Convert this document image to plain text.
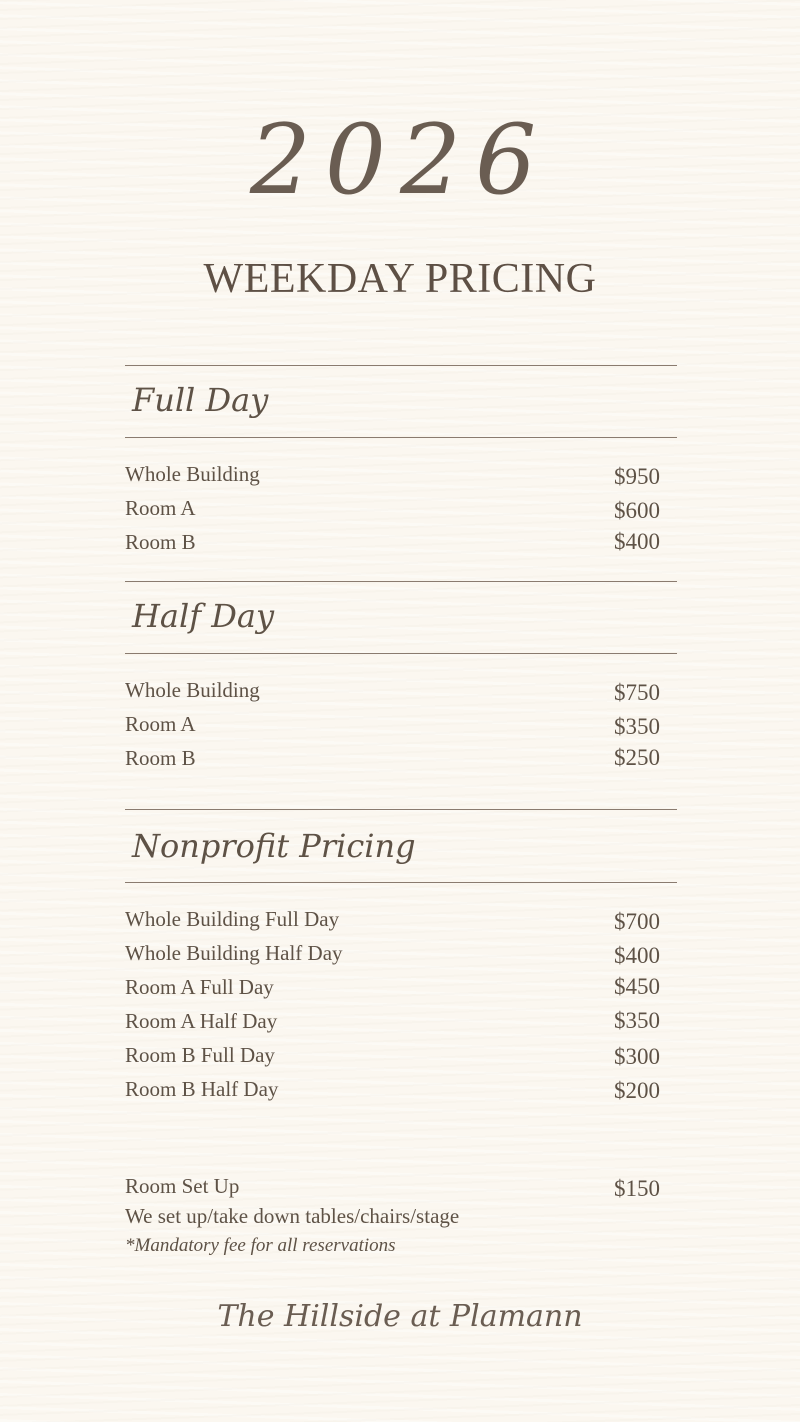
2026
WEEKDAY PRICING
Full Day
Whole Building	$950
Room A	$600
Room B	$400
Half Day
Whole Building	$750
Room A	$350
Room B	$250
Nonprofit Pricing
Whole Building Full Day	$700
Whole Building Half Day	$400
Room A Full Day	$450
Room A Half Day	$350
Room B Full Day	$300
Room B Half Day	$200
Room Set Up	$150
We set up/take down tables/chairs/stage
*Mandatory fee for all reservations
The Hillside at Plamann
